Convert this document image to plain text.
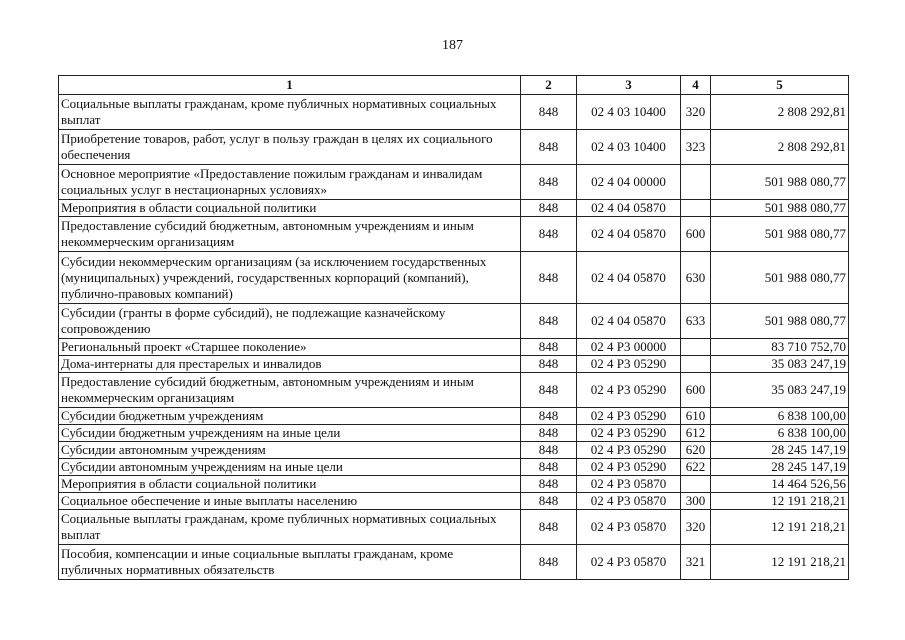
187
1	2	3	4	5
Социальные выплаты гражданам, кроме публичных нормативных социальных выплат	848	02 4 03 10400	320	2 808 292,81
Приобретение товаров, работ, услуг в пользу граждан в целях их социального обеспечения	848	02 4 03 10400	323	2 808 292,81
Основное мероприятие «Предоставление пожилым гражданам и инвалидам социальных услуг в нестационарных условиях»	848	02 4 04 00000		501 988 080,77
Мероприятия в области социальной политики	848	02 4 04 05870		501 988 080,77
Предоставление субсидий бюджетным, автономным учреждениям и иным некоммерческим организациям	848	02 4 04 05870	600	501 988 080,77
Субсидии некоммерческим организациям (за исключением государственных (муниципальных) учреждений, государственных корпораций (компаний), публично-правовых компаний)	848	02 4 04 05870	630	501 988 080,77
Субсидии (гранты в форме субсидий), не подлежащие казначейскому сопровождению	848	02 4 04 05870	633	501 988 080,77
Региональный проект «Старшее поколение»	848	02 4 P3 00000		83 710 752,70
Дома-интернаты для престарелых и инвалидов	848	02 4 P3 05290		35 083 247,19
Предоставление субсидий бюджетным, автономным учреждениям и иным некоммерческим организациям	848	02 4 P3 05290	600	35 083 247,19
Субсидии бюджетным учреждениям	848	02 4 P3 05290	610	6 838 100,00
Субсидии бюджетным учреждениям на иные цели	848	02 4 P3 05290	612	6 838 100,00
Субсидии автономным учреждениям	848	02 4 P3 05290	620	28 245 147,19
Субсидии автономным учреждениям на иные цели	848	02 4 P3 05290	622	28 245 147,19
Мероприятия в области социальной политики	848	02 4 P3 05870		14 464 526,56
Социальное обеспечение и иные выплаты населению	848	02 4 P3 05870	300	12 191 218,21
Социальные выплаты гражданам, кроме публичных нормативных социальных выплат	848	02 4 P3 05870	320	12 191 218,21
Пособия, компенсации и иные социальные выплаты гражданам, кроме публичных нормативных обязательств	848	02 4 P3 05870	321	12 191 218,21
